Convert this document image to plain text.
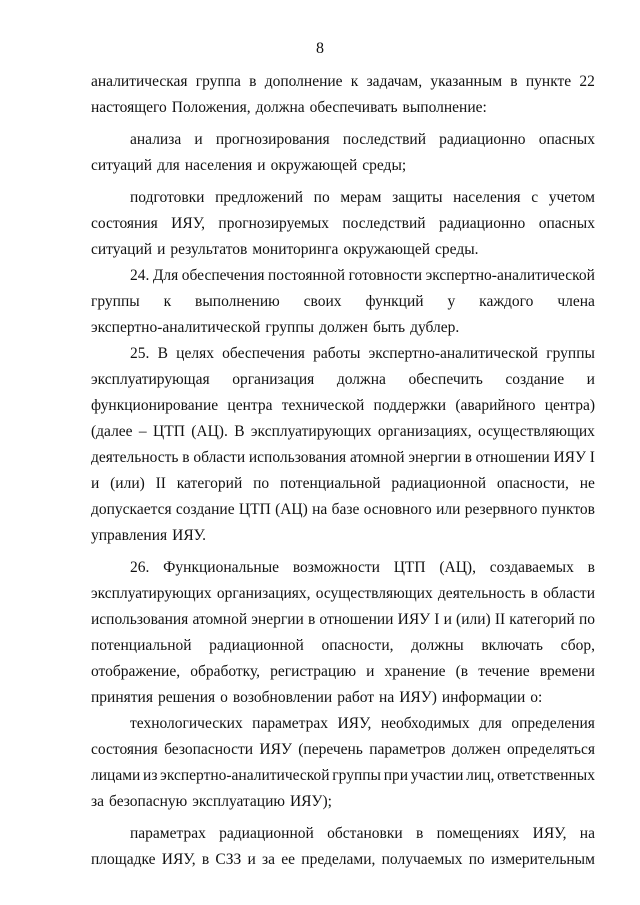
8
аналитическая группа в дополнение к задачам, указанным в пункте 22
настоящего Положения, должна обеспечивать выполнение:
анализа и прогнозирования последствий радиационно опасных
ситуаций для населения и окружающей среды;
подготовки предложений по мерам защиты населения с учетом
состояния ИЯУ, прогнозируемых последствий радиационно опасных
ситуаций и результатов мониторинга окружающей среды.
24. Для обеспечения постоянной готовности экспертно-аналитической
группы к выполнению своих функций у каждого члена
экспертно-аналитической группы должен быть дублер.
25. В целях обеспечения работы экспертно-аналитической группы
эксплуатирующая организация должна обеспечить создание и
функционирование центра технической поддержки (аварийного центра)
(далее – ЦТП (АЦ). В эксплуатирующих организациях, осуществляющих
деятельность в области использования атомной энергии в отношении ИЯУ I
и (или) II категорий по потенциальной радиационной опасности, не
допускается создание ЦТП (АЦ) на базе основного или резервного пунктов
управления ИЯУ.
26. Функциональные возможности ЦТП (АЦ), создаваемых в
эксплуатирующих организациях, осуществляющих деятельность в области
использования атомной энергии в отношении ИЯУ I и (или) II категорий по
потенциальной радиационной опасности, должны включать сбор,
отображение, обработку, регистрацию и хранение (в течение времени
принятия решения о возобновлении работ на ИЯУ) информации о:
технологических параметрах ИЯУ, необходимых для определения
состояния безопасности ИЯУ (перечень параметров должен определяться
лицами из экспертно-аналитической группы при участии лиц, ответственных
за безопасную эксплуатацию ИЯУ);
параметрах радиационной обстановки в помещениях ИЯУ, на
площадке ИЯУ, в СЗЗ и за ее пределами, получаемых по измерительным
